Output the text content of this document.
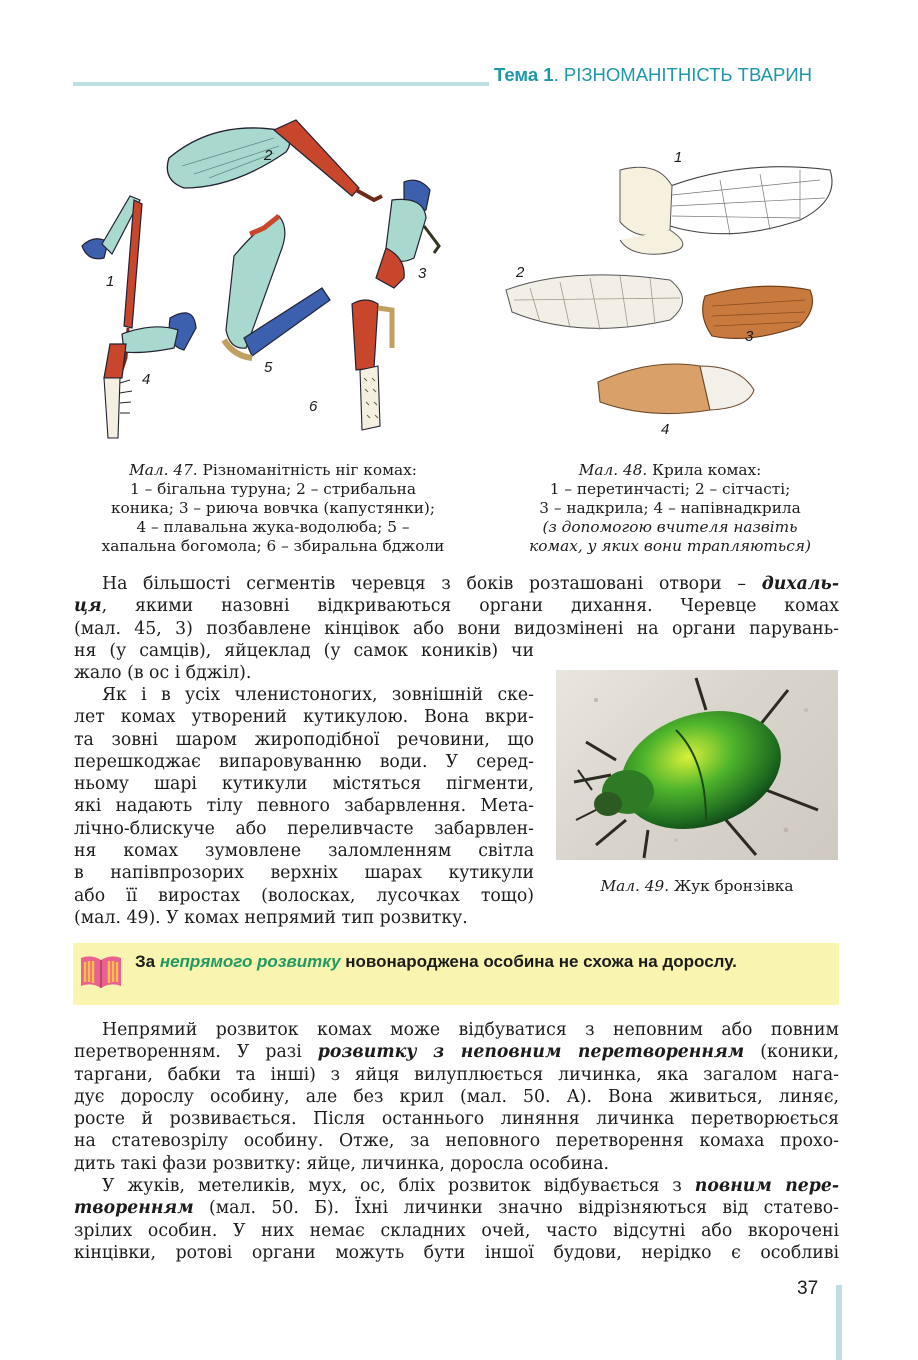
Тема 1. РІЗНОМАНІТНІСТЬ ТВАРИН
1
2
3
4
5
6
1
2
3
4
Мал. 47. Різноманітність ніг комах:
1 – бігальна туруна; 2 – стрибальна
коника; 3 – риюча вовчка (капустянки);
4 – плавальна жука-водолюба; 5 –
хапальна богомола; 6 – збиральна бджоли
Мал. 48. Крила комах:
1 – перетинчасті; 2 – сітчасті;
3 – надкрила; 4 – напівнадкрила
(з допомогою вчителя назвіть
комах, у яких вони трапляються)
На більшості сегментів черевця з боків розташовані отвори – дихаль-
ця, якими назовні відкриваються органи дихання. Черевце комах
(мал. 45, 3) позбавлене кінцівок або вони видозмінені на органи парувань-
ня (у самців), яйцеклад (у самок коників) чи
жало (в ос і бджіл).
Як і в усіх членистоногих, зовнішній ске-
лет комах утворений кутикулою. Вона вкри-
та зовні шаром жироподібної речовини, що
перешкоджає випаровуванню води. У серед-
ньому шарі кутикули містяться пігменти,
які надають тілу певного забарвлення. Мета-
лічно-блискуче або переливчасте забарвлен-
ня комах зумовлене заломленням світла
в напівпрозорих верхніх шарах кутикули
або її виростах (волосках, лусочках тощо)
(мал. 49). У комах непрямий тип розвитку.
Мал. 49. Жук бронзівка
За непрямого розвитку новонароджена особина не схожа на дорослу.
Непрямий розвиток комах може відбуватися з неповним або повним
перетворенням. У разі розвитку з неповним перетворенням (коники,
таргани, бабки та інші) з яйця вилуплюється личинка, яка загалом нага-
дує дорослу особину, але без крил (мал. 50. А). Вона живиться, линяє,
росте й розвивається. Після останнього линяння личинка перетворюється
на статевозрілу особину. Отже, за неповного перетворення комаха прохо-
дить такі фази розвитку: яйце, личинка, доросла особина.
У жуків, метеликів, мух, ос, бліх розвиток відбувається з повним пере-
творенням (мал. 50. Б). Їхні личинки значно відрізняються від статево-
зрілих особин. У них немає складних очей, часто відсутні або вкорочені
кінцівки, ротові органи можуть бути іншої будови, нерідко є особливі
37
